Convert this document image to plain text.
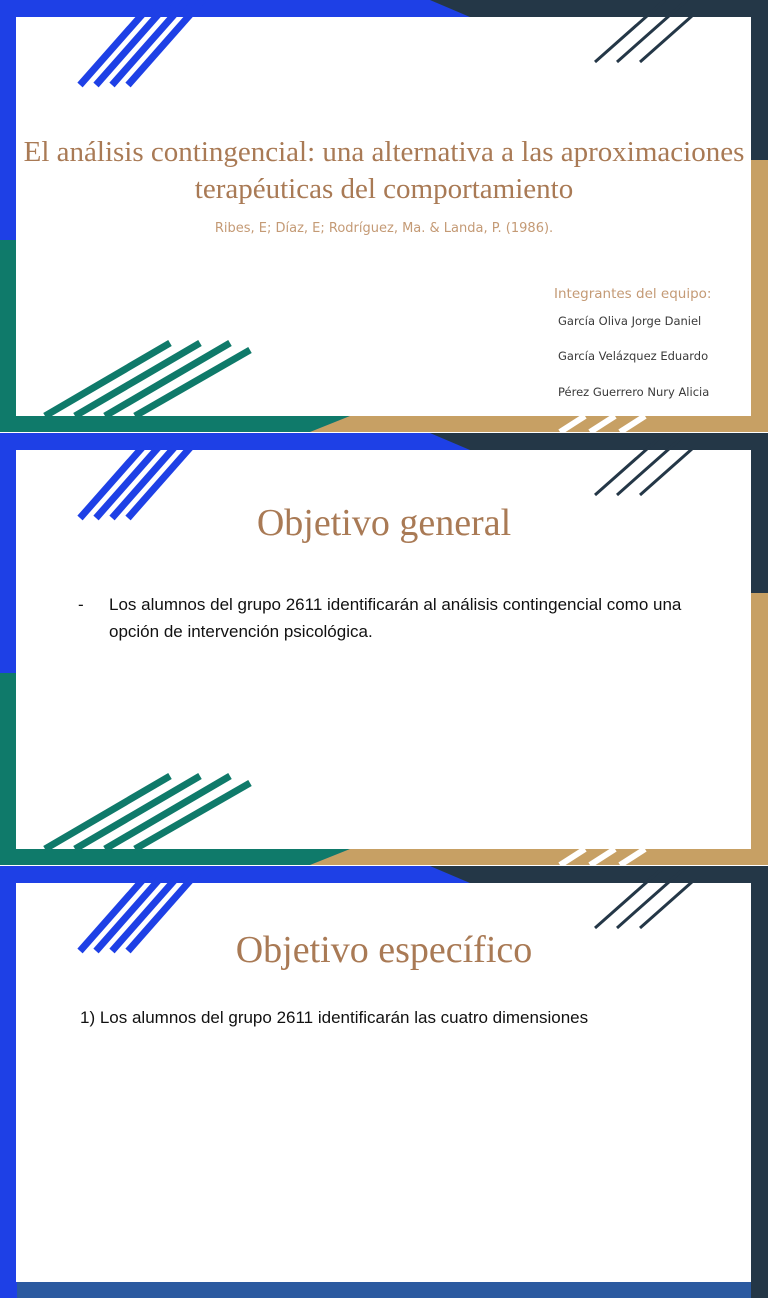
El análisis contingencial: una alternativa a las aproximaciones terapéuticas del comportamiento
Ribes, E; Díaz, E; Rodríguez, Ma. & Landa, P. (1986).
Integrantes del equipo:
García Oliva Jorge Daniel
García Velázquez Eduardo
Pérez Guerrero Nury Alicia
Objetivo general
- Los alumnos del grupo 2611 identificarán al análisis contingencial como una opción de intervención psicológica.
Objetivo específico
1) Los alumnos del grupo 2611 identificarán las cuatro dimensiones
